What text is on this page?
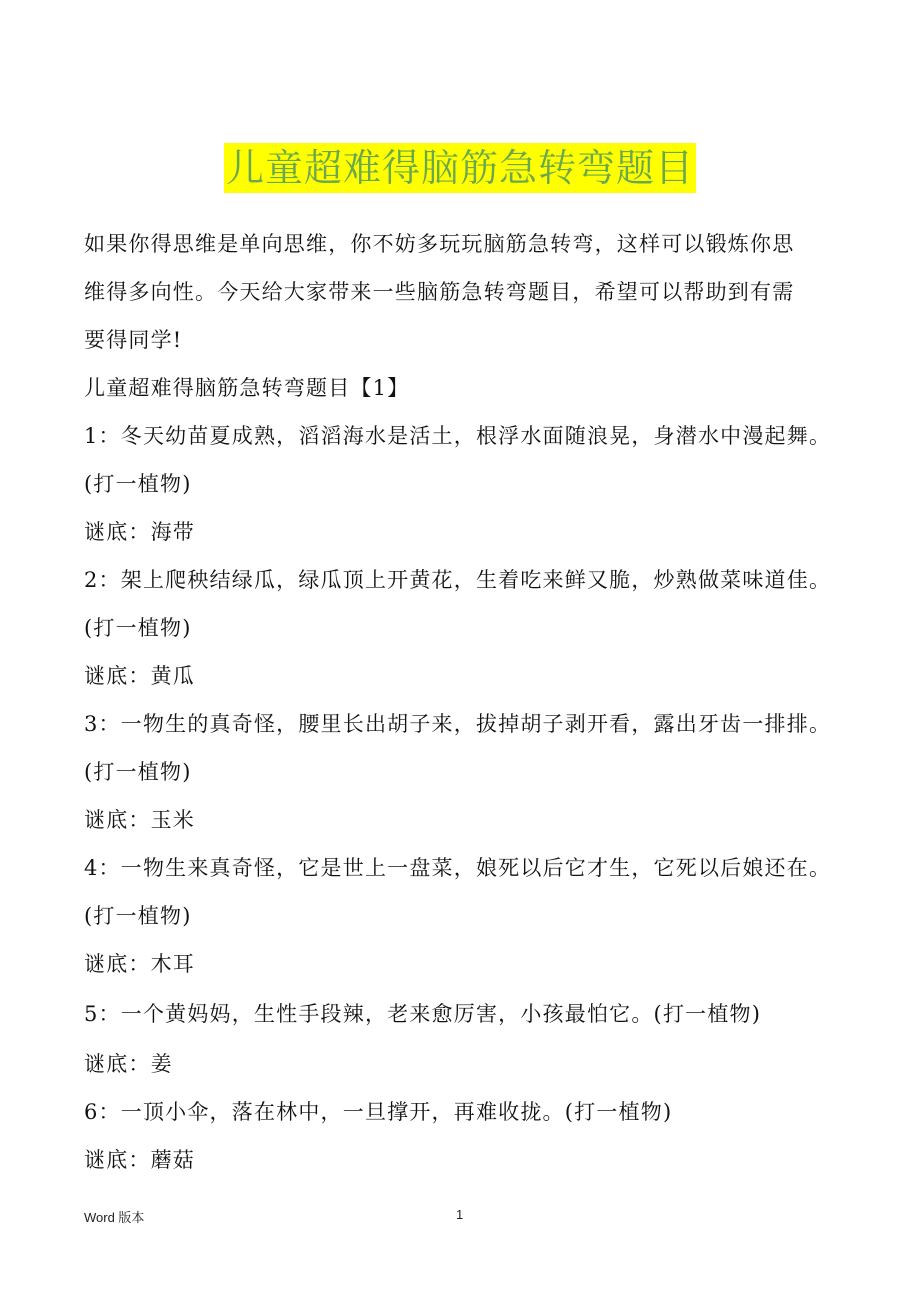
儿童超难得脑筋急转弯题目
如果你得思维是单向思维，你不妨多玩玩脑筋急转弯，这样可以锻炼你思
维得多向性。今天给大家带来一些脑筋急转弯题目，希望可以帮助到有需
要得同学!
儿童超难得脑筋急转弯题目【1】
1：冬天幼苗夏成熟，滔滔海水是活土，根浮水面随浪晃，身潜水中漫起舞。
(打一植物)
谜底：海带
2：架上爬秧结绿瓜，绿瓜顶上开黄花，生着吃来鲜又脆，炒熟做菜味道佳。
(打一植物)
谜底：黄瓜
3：一物生的真奇怪，腰里长出胡子来，拔掉胡子剥开看，露出牙齿一排排。
(打一植物)
谜底：玉米
4：一物生来真奇怪，它是世上一盘菜，娘死以后它才生，它死以后娘还在。
(打一植物)
谜底：木耳
5：一个黄妈妈，生性手段辣，老来愈厉害，小孩最怕它。(打一植物)
谜底：姜
6：一顶小伞，落在林中，一旦撑开，再难收拢。(打一植物)
谜底：蘑菇
Word 版本	1
